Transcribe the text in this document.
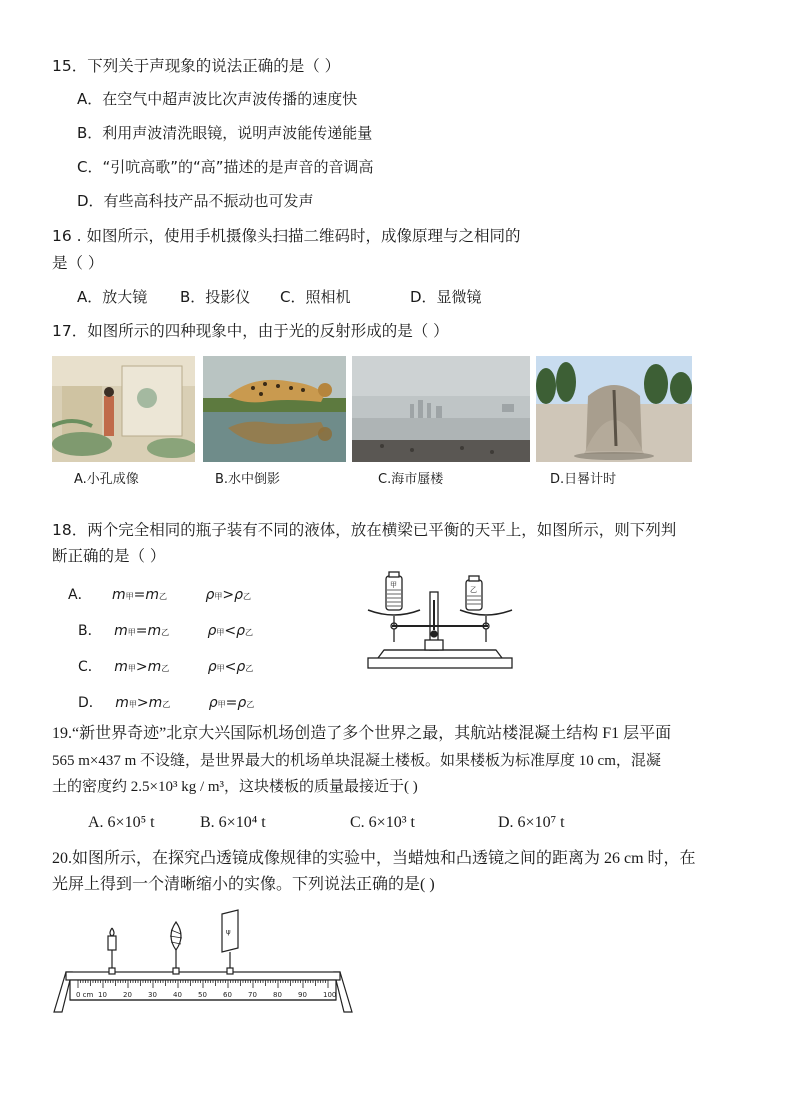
15．下列关于声现象的说法正确的是（ ）
A．在空气中超声波比次声波传播的速度快
B．利用声波清洗眼镜，说明声波能传递能量
C．“引吭高歌”的“高”描述的是声音的音调高
D．有些高科技产品不振动也可发声
16 . 如图所示，使用手机摄像头扫描二维码时，成像原理与之相同的
是（ ）
A．放大镜 B．投影仪 C．照相机	D．显微镜
17．如图所示的四种现象中，由于光的反射形成的是（ ）
A.小孔成像	B.水中倒影	C.海市蜃楼	D.日晷计时
18．两个完全相同的瓶子装有不同的液体，放在横梁已平衡的天平上，如图所示，则下列判
断正确的是（ ）
A． m甲=m乙	ρ甲>ρ乙
B． m甲=m乙	ρ甲<ρ乙
C． m甲>m乙	ρ甲<ρ乙
D． m甲>m乙	ρ甲=ρ乙
甲
乙
19.“新世界奇迹”北京大兴国际机场创造了多个世界之最，其航站楼混凝土结构 F1 层平面
565 m×437 m 不设缝，是世界最大的机场单块混凝土楼板。如果楼板为标准厚度 10 cm，混凝
土的密度约 2.5×10³ kg / m³，这块楼板的质量最接近于( )
A. 6×10⁵ t	B. 6×10⁴ t	C. 6×10³ t	D. 6×10⁷ t
20.如图所示，在探究凸透镜成像规律的实验中，当蜡烛和凸透镜之间的距离为 26 cm 时，在
光屏上得到一个清晰缩小的实像。下列说法正确的是( )
0 cm 10 20 30 40 50 60 70 80 90 100
ψ
